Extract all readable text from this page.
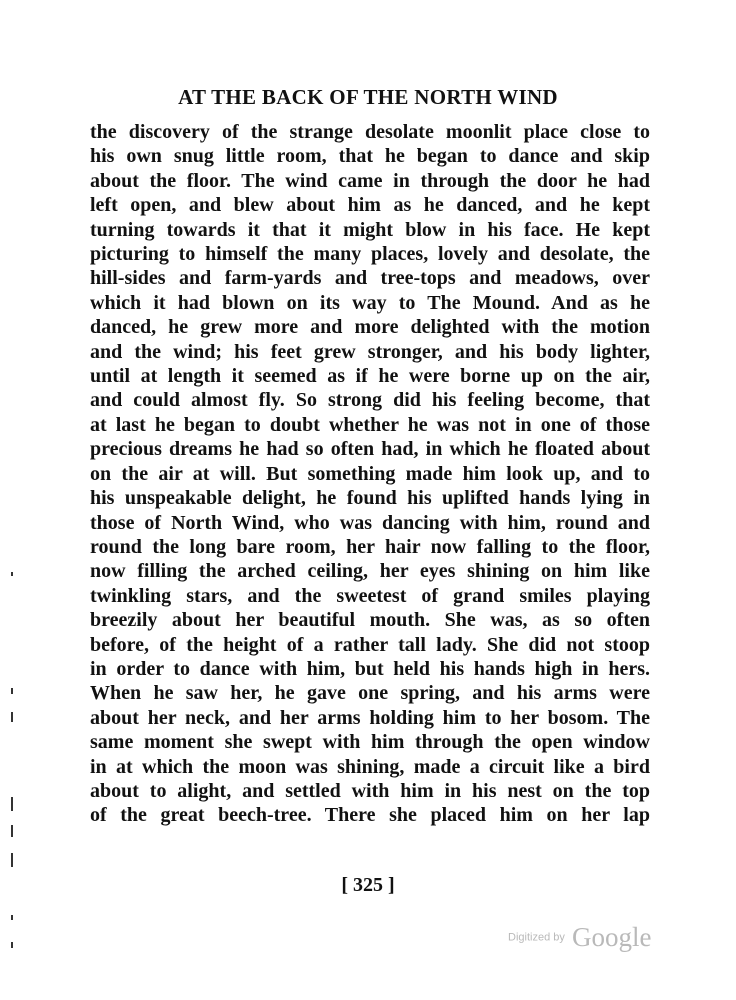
AT THE BACK OF THE NORTH WIND
the discovery of the strange desolate moonlit place close to
his own snug little room, that he began to dance and skip
about the floor. The wind came in through the door he had
left open, and blew about him as he danced, and he kept
turning towards it that it might blow in his face. He kept
picturing to himself the many places, lovely and desolate, the
hill-sides and farm-yards and tree-tops and meadows, over
which it had blown on its way to The Mound. And as he
danced, he grew more and more delighted with the motion
and the wind; his feet grew stronger, and his body lighter,
until at length it seemed as if he were borne up on the air,
and could almost fly. So strong did his feeling become, that
at last he began to doubt whether he was not in one of those
precious dreams he had so often had, in which he floated about
on the air at will. But something made him look up, and to
his unspeakable delight, he found his uplifted hands lying in
those of North Wind, who was dancing with him, round and
round the long bare room, her hair now falling to the floor,
now filling the arched ceiling, her eyes shining on him like
twinkling stars, and the sweetest of grand smiles playing
breezily about her beautiful mouth. She was, as so often
before, of the height of a rather tall lady. She did not stoop
in order to dance with him, but held his hands high in hers.
When he saw her, he gave one spring, and his arms were
about her neck, and her arms holding him to her bosom. The
same moment she swept with him through the open window
in at which the moon was shining, made a circuit like a bird
about to alight, and settled with him in his nest on the top
of the great beech-tree. There she placed him on her lap
[ 325 ]
Digitized by Google
